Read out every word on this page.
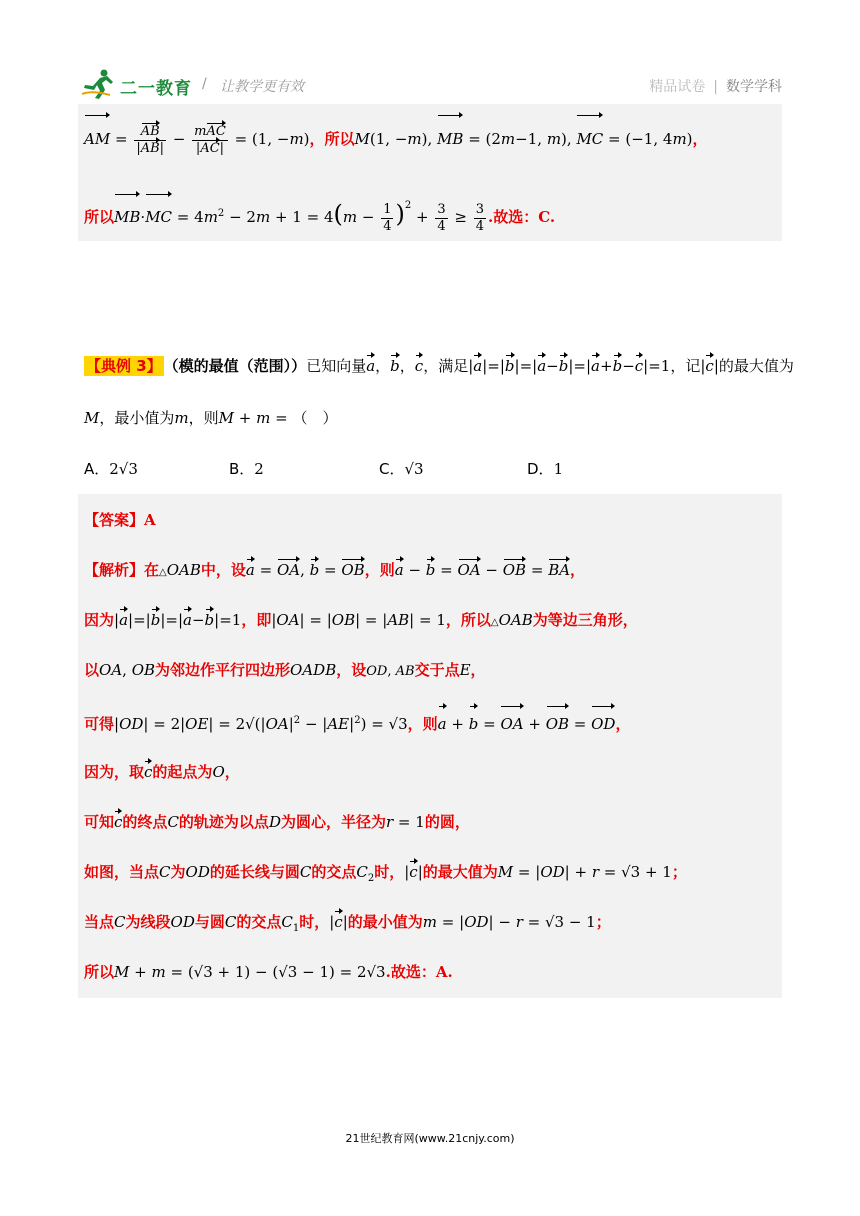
二一教育 / 让教学更有效	精品试卷 | 数学学科
AM = $\frac{AB}{|AB|} - \frac{\text{mAC}}{|AC|} = (1$, −m)，所以M(1, −m), MB = (2m−1, m), MC = (−1, 4m)，
所以$MB\cdot MC = 4m^2 - 2m + 1 = 4(m - \frac{1}{4} )^2 + \frac{3}{4} \ge \frac{3}{4}$ .故选：C.
【典例 3】 （模的最值（范围））已知向量a，b，c，满足|a|=|b|=|a−b|=|a+b−c|=1，记|c|的最大值为
M，最小值为m，则M + m = （　）
A．2√3	B．2	C．√3	D．1
【答案】A
【解析】在△OAB中，设a = OA, b = OB，则a − b = OA − OB = BA，
因为|a|=|b|=|a−b|=1，即|OA| = |OB| = |AB| = 1，所以△OAB为等边三角形，
以OA, OB为邻边作平行四边形OADB，设OD, AB交于点E，
可得$|OD| = 2|OE| = 2√(|OA|^2 - |AE|^2) = √3$，则a + b = OA + OB = OD，
因为，取c的起点为O，
可知c的终点C的轨迹为以点D为圆心，半径为r = 1的圆，
如图，当点C为OD的延长线与圆C的交点$C_2$时，|c|的最大值为M = |OD| + r = √3 + 1；
当点C为线段OD与圆C的交点$C_1$时，|c|的最小值为m = |OD| − r = √3 − 1；
所以M + m = (√3 + 1) − (√3 − 1) = 2√3.故选：A.
21世纪教育网(www.21cnjy.com)
